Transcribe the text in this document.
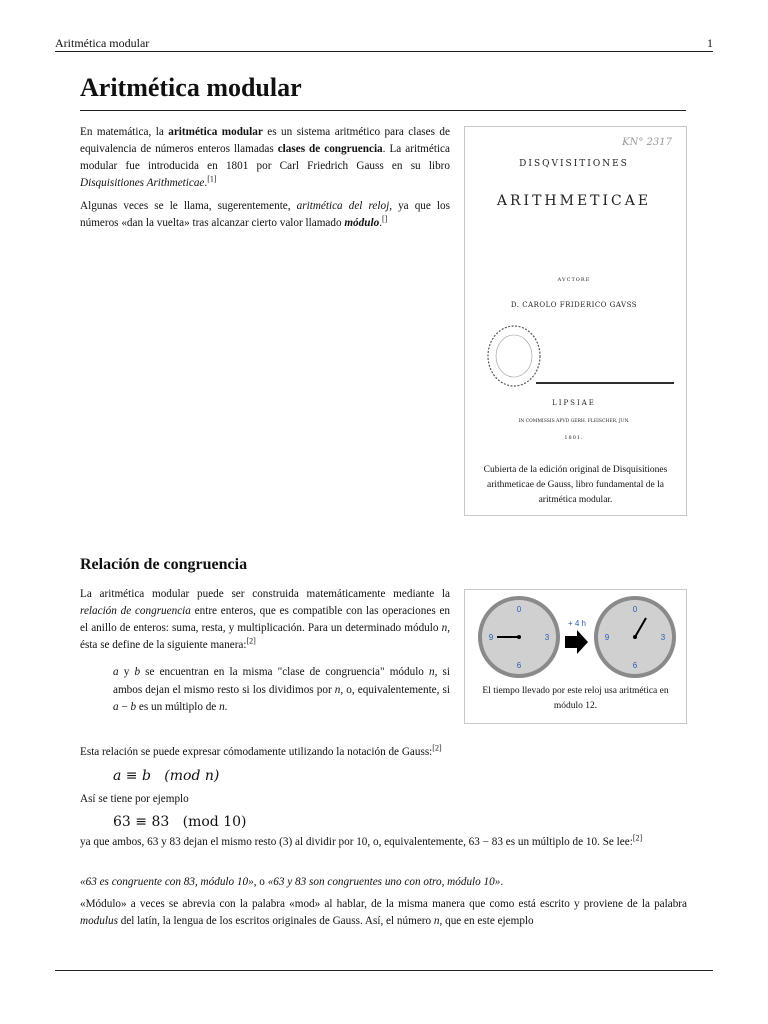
Aritmética modular	1
Aritmética modular

En matemática, la aritmética modular es un sistema aritmético para clases de equivalencia de números enteros llamadas clases de congruencia. La aritmética modular fue introducida en 1801 por Carl Friedrich Gauss en su libro Disquisitiones Arithmeticae.[1]

Algunas veces se le llama, sugerentemente, aritmética del reloj, ya que los números «dan la vuelta» tras alcanzar cierto valor llamado módulo.[]

KN° 2317
DISQVISITIONES
ARITHMETICAE
AVCTORE
D. CAROLO FRIDERICO GAVSS
LIPSIAE
IN COMMISSIS APVD GERH. FLEISCHER, JUN.
1801.
Cubierta de la edición original de Disquisitiones arithmeticae de Gauss, libro fundamental de la aritmética modular.
Relación de congruencia

La aritmética modular puede ser construida matemáticamente mediante la relación de congruencia entre enteros, que es compatible con las operaciones en el anillo de enteros: suma, resta, y multiplicación. Para un determinado módulo n, ésta se define de la siguiente manera:[2]

a y b se encuentran en la misma "clase de congruencia" módulo n, si ambos dejan el mismo resto si los dividimos por n, o, equivalentemente, si a − b es un múltiplo de n.
0
9	3
6
+ 4 h
0
9	3
6
El tiempo llevado por este reloj usa aritmética en módulo 12.
Esta relación se puede expresar cómodamente utilizando la notación de Gauss:[2]
a ≡ b   (mod n)
Así se tiene por ejemplo
63 ≡ 83   (mod 10)
ya que ambos, 63 y 83 dejan el mismo resto (3) al dividir por 10, o, equivalentemente, 63 − 83 es un múltiplo de 10. Se lee:[2]
«63 es congruente con 83, módulo 10», o «63 y 83 son congruentes uno con otro, módulo 10».
«Módulo» a veces se abrevia con la palabra «mod» al hablar, de la misma manera que como está escrito y proviene de la palabra modulus del latín, la lengua de los escritos originales de Gauss. Así, el número n, que en este ejemplo
